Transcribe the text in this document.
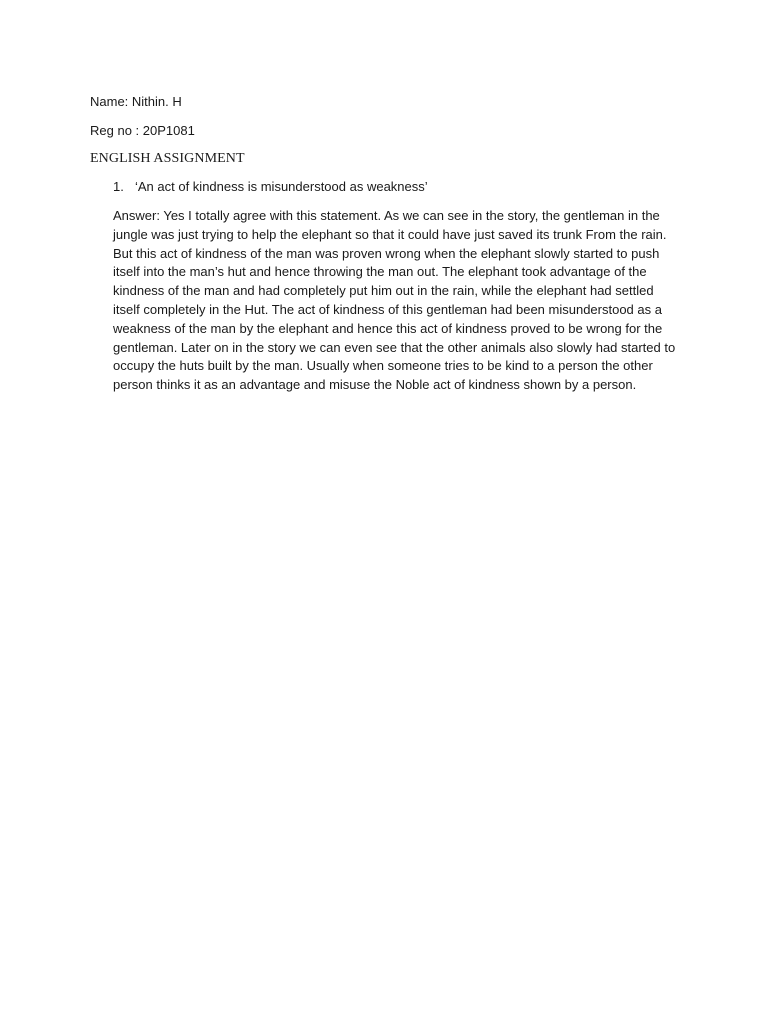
Name: Nithin. H
Reg no : 20P1081
ENGLISH ASSIGNMENT
1. ‘An act of kindness is misunderstood as weakness’
Answer: Yes I totally agree with this statement. As we can see in the story, the gentleman in the
jungle was just trying to help the elephant so that it could have just saved its trunk From the rain.
But this act of kindness of the man was proven wrong when the elephant slowly started to push
itself into the man’s hut and hence throwing the man out. The elephant took advantage of the
kindness of the man and had completely put him out in the rain, while the elephant had settled
itself completely in the Hut. The act of kindness of this gentleman had been misunderstood as a
weakness of the man by the elephant and hence this act of kindness proved to be wrong for the
gentleman. Later on in the story we can even see that the other animals also slowly had started to
occupy the huts built by the man. Usually when someone tries to be kind to a person the other
person thinks it as an advantage and misuse the Noble act of kindness shown by a person.
